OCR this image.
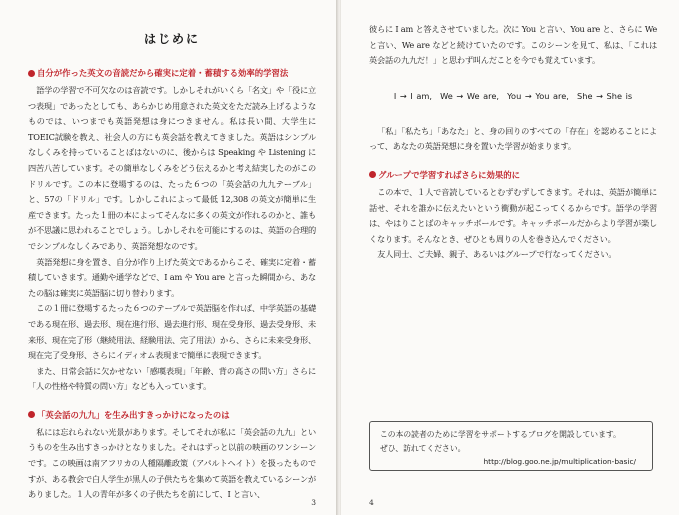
はじめに
自分が作った英文の音読だから確実に定着・蓄積する効率的学習法

語学の学習で不可欠なのは音読です。しかしそれがいくら「名文」や「役に立つ表現」であったとしても、あらかじめ用意された英文をただ読み上げるようなものでは、いつまでも英語発想は身につきません。私は長い間、大学生にTOEIC試験を教え、社会人の方にも英会話を教えてきました。英語はシンプルなしくみを持っていることばはないのに、後からは Speaking や Listening に四苦八苦しています。その簡単なしくみをどう伝えるかと考え結実したのがこのドリルです。この本に登場するのは、たった６つの「英会話の九九テーブル」と、57の「ドリル」です。しかしこれによって最低 12,308 の英文が簡単に生産できます。たった１冊の本によってそんなに多くの英文が作れるのかと、誰もが不思議に思われることでしょう。しかしそれを可能にするのは、英語の合理的でシンプルなしくみであり、英語発想なのです。

英語発想に身を置き、自分が作り上げた英文であるからこそ、確実に定着・蓄積していきます。通勤や通学などで、I am や You are と言った瞬間から、あなたの脳は確実に英語脳に切り替わります。

この１冊に登場するたった６つのテーブルで英語脳を作れば、中学英語の基礎である現在形、過去形、現在進行形、過去進行形、現在受身形、過去受身形、未来形、現在完了形（継続用法、経験用法、完了用法）から、さらに未来受身形、現在完了受身形、さらにイディオム表現まで簡単に表現できます。

また、日常会話に欠かせない「感嘆表現」「年齢、背の高さの問い方」さらに「人の性格や特質の問い方」なども入っています。

「英会話の九九」を生み出すきっかけになったのは

私には忘れられない光景があります。そしてそれが私に「英会話の九九」というものを生み出すきっかけとなりました。それはずっと以前の映画のワンシーンです。この映画は南アフリカの人種隔離政策（アパルトヘイト）を扱ったものですが、ある教会で白人学生が黒人の子供たちを集めて英語を教えているシーンがありました。１人の青年が多くの子供たちを前にして、I と言い、

3

彼らに I am と答えさせていました。次に You と言い、You are と、さらに We と言い、We are などと続けていたのです。このシーンを見て、私は、「これは英会話の九九だ！」と思わず叫んだことを今でも覚えています。

I → I am,　We → We are,　You → You are,　She → She is

「私」「私たち」「あなた」と、身の回りのすべての「存在」を認めることによって、あなたの英語発想に身を置いた学習が始まります。

グループで学習すればさらに効果的に

この本で、１人で音読しているとむずむずしてきます。それは、英語が簡単に話せ、それを誰かに伝えたいという衝動が起こってくるからです。語学の学習は、やはりことばのキャッチボールです。キャッチボールだからより学習が楽しくなります。そんなとき、ぜひとも周りの人を巻き込んでください。

友人同士、ご夫婦、親子、あるいはグループで行なってください。

この本の読者のために学習をサポートするブログを開設しています。
ぜひ、訪れてください。
http://blog.goo.ne.jp/multiplication-basic/
4
